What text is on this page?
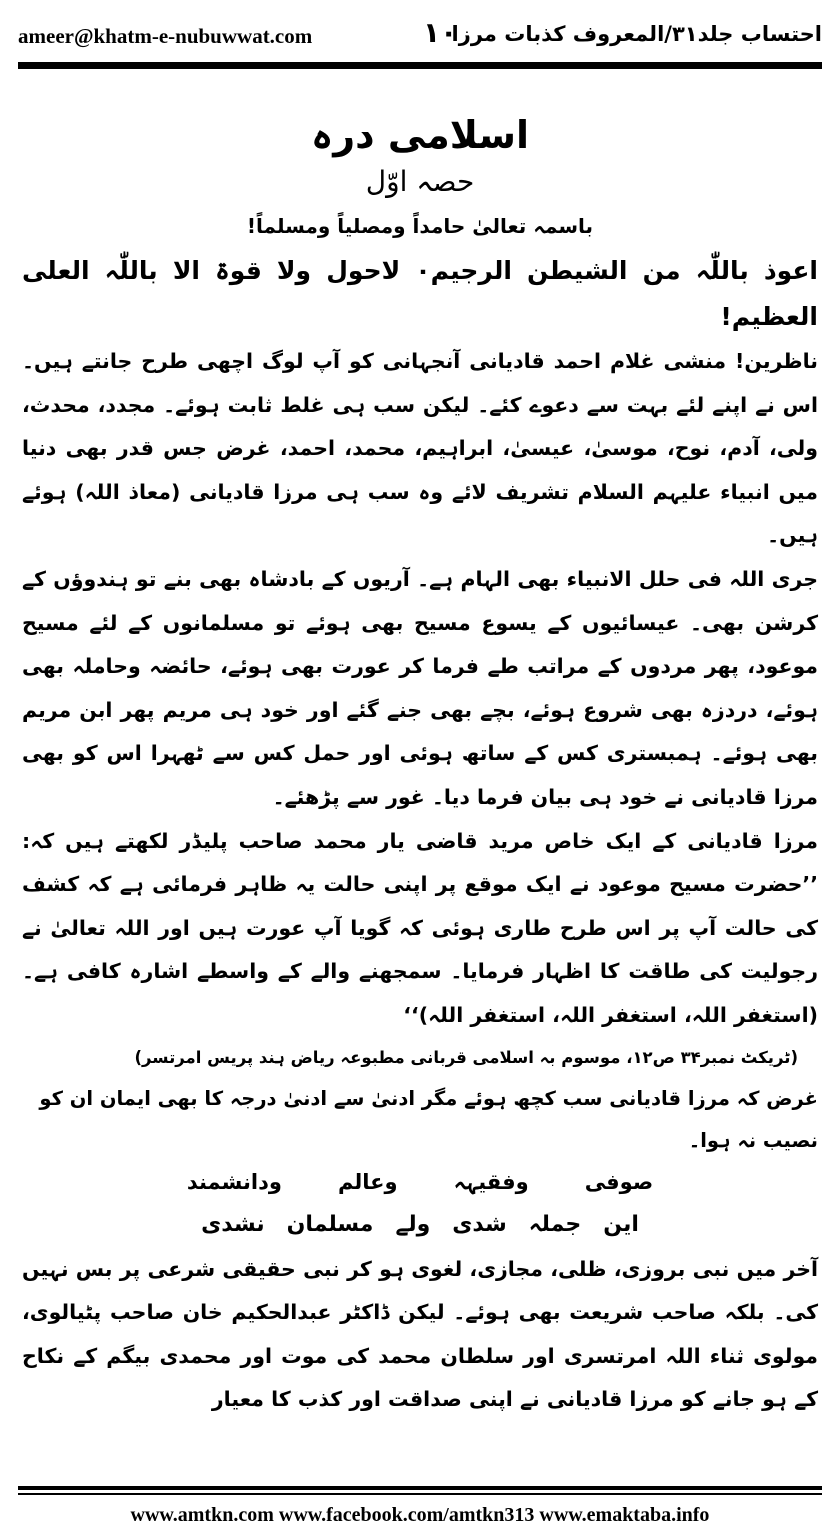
ameer@khatm-e-nubuwwat.com	۱۰
احتساب جلد۳۱/المعروف کذبات مرزا
اسلامی درہ
حصہ اوّل
باسمہ تعالیٰ حامداً ومصلیاً ومسلماً!
اعوذ باللّٰہ من الشیطن الرجیم۰ لاحول ولا قوۃ الا باللّٰہ العلی العظیم!

ناظرین! منشی غلام احمد قادیانی آنجہانی کو آپ لوگ اچھی طرح جانتے ہیں۔ اس نے اپنے لئے بہت سے دعوے کئے۔ لیکن سب ہی غلط ثابت ہوئے۔ مجدد، محدث، ولی، آدم، نوح، موسیٰ، عیسیٰ، ابراہیم، محمد، احمد، غرض جس قدر بھی دنیا میں انبیاء علیہم السلام تشریف لائے وہ سب ہی مرزا قادیانی (معاذ اللہ) ہوئے ہیں۔

جری اللہ فی حلل الانبیاء بھی الہام ہے۔ آریوں کے بادشاہ بھی بنے تو ہندوؤں کے کرشن بھی۔ عیسائیوں کے یسوع مسیح بھی ہوئے تو مسلمانوں کے لئے مسیح موعود، پھر مردوں کے مراتب طے فرما کر عورت بھی ہوئے، حائضہ وحاملہ بھی ہوئے، دردزہ بھی شروع ہوئے، بچے بھی جنے گئے اور خود ہی مریم پھر ابن مریم بھی ہوئے۔ ہمبستری کس کے ساتھ ہوئی اور حمل کس سے ٹھہرا اس کو بھی مرزا قادیانی نے خود ہی بیان فرما دیا۔ غور سے پڑھئے۔

مرزا قادیانی کے ایک خاص مرید قاضی یار محمد صاحب پلیڈر لکھتے ہیں کہ: ’’حضرت مسیح موعود نے ایک موقع پر اپنی حالت یہ ظاہر فرمائی ہے کہ کشف کی حالت آپ پر اس طرح طاری ہوئی کہ گویا آپ عورت ہیں اور اللہ تعالیٰ نے رجولیت کی طاقت کا اظہار فرمایا۔ سمجھنے والے کے واسطے اشارہ کافی ہے۔ (استغفر اللہ، استغفر اللہ، استغفر اللہ)‘‘

(ٹریکٹ نمبر۳۴ ص۱۲، موسوم بہ اسلامی قربانی مطبوعہ ریاض ہند پریس امرتسر)
غرض کہ مرزا قادیانی سب کچھ ہوئے مگر ادنیٰ سے ادنیٰ درجہ کا بھی ایمان ان کو نصیب نہ ہوا۔
صوفی
وفقیہہ
وعالم
ودانشمند
این
جملہ
شدی
ولے
مسلمان
نشدی

آخر میں نبی بروزی، ظلی، مجازی، لغوی ہو کر نبی حقیقی شرعی پر بس نہیں کی۔ بلکہ صاحب شریعت بھی ہوئے۔ لیکن ڈاکٹر عبدالحکیم خان صاحب پٹیالوی، مولوی ثناء اللہ امرتسری اور سلطان محمد کی موت اور محمدی بیگم کے نکاح کے ہو جانے کو مرزا قادیانی نے اپنی صداقت اور کذب کا معیار

www.amtkn.com www.facebook.com/amtkn313 www.emaktaba.info
